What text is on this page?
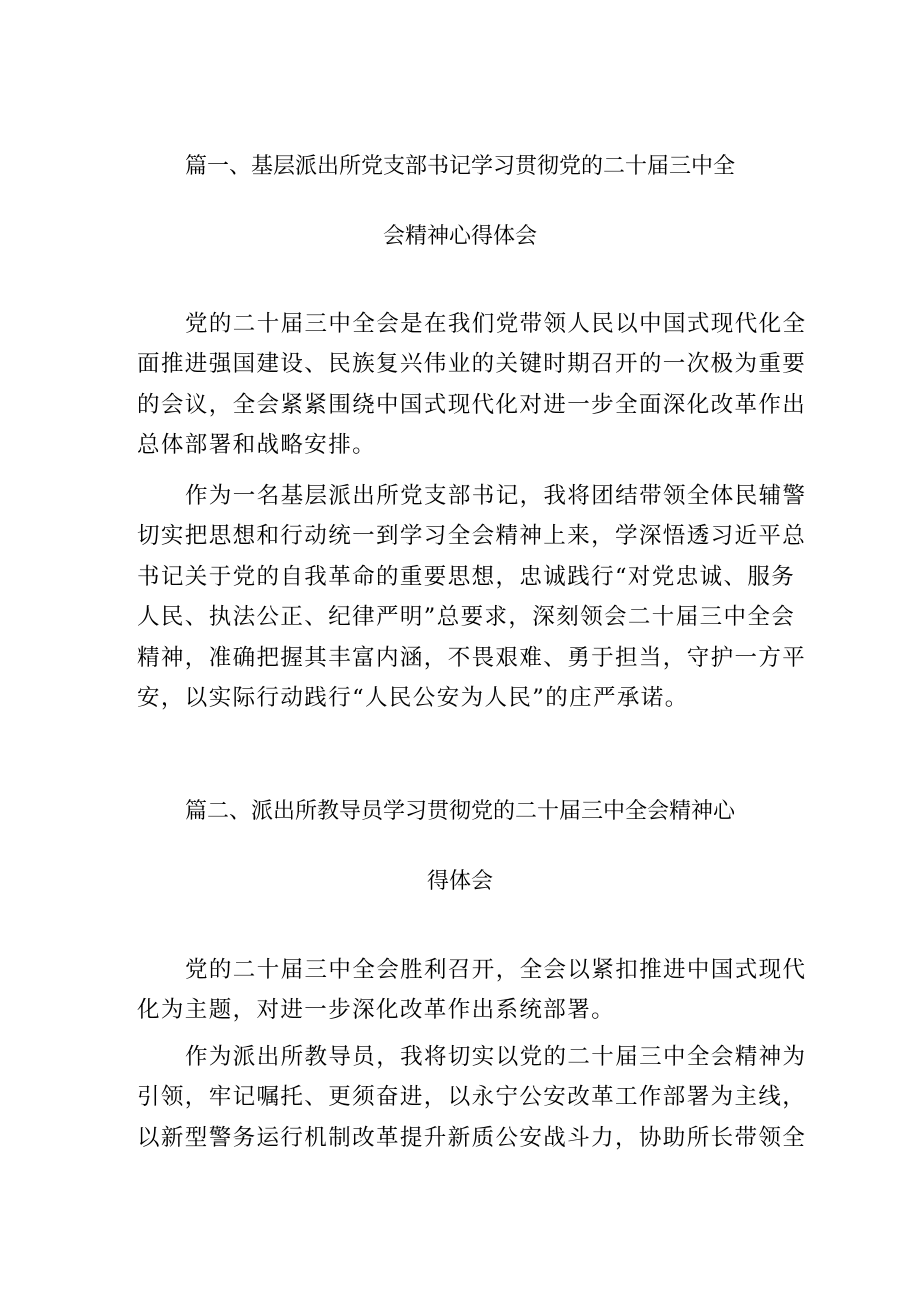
篇一、基层派出所党支部书记学习贯彻党的二十届三中全
会精神心得体会

党的二十届三中全会是在我们党带领人民以中国式现代化全
面推进强国建设、民族复兴伟业的关键时期召开的一次极为重要
的会议，全会紧紧围绕中国式现代化对进一步全面深化改革作出
总体部署和战略安排。

作为一名基层派出所党支部书记，我将团结带领全体民辅警
切实把思想和行动统一到学习全会精神上来，学深悟透习近平总
书记关于党的自我革命的重要思想，忠诚践行“对党忠诚、服务
人民、执法公正、纪律严明”总要求，深刻领会二十届三中全会
精神，准确把握其丰富内涵，不畏艰难、勇于担当，守护一方平
安，以实际行动践行“人民公安为人民”的庄严承诺。

篇二、派出所教导员学习贯彻党的二十届三中全会精神心
得体会

党的二十届三中全会胜利召开，全会以紧扣推进中国式现代
化为主题，对进一步深化改革作出系统部署。

作为派出所教导员，我将切实以党的二十届三中全会精神为
引领，牢记嘱托、更须奋进，以永宁公安改革工作部署为主线，
以新型警务运行机制改革提升新质公安战斗力，协助所长带领全
